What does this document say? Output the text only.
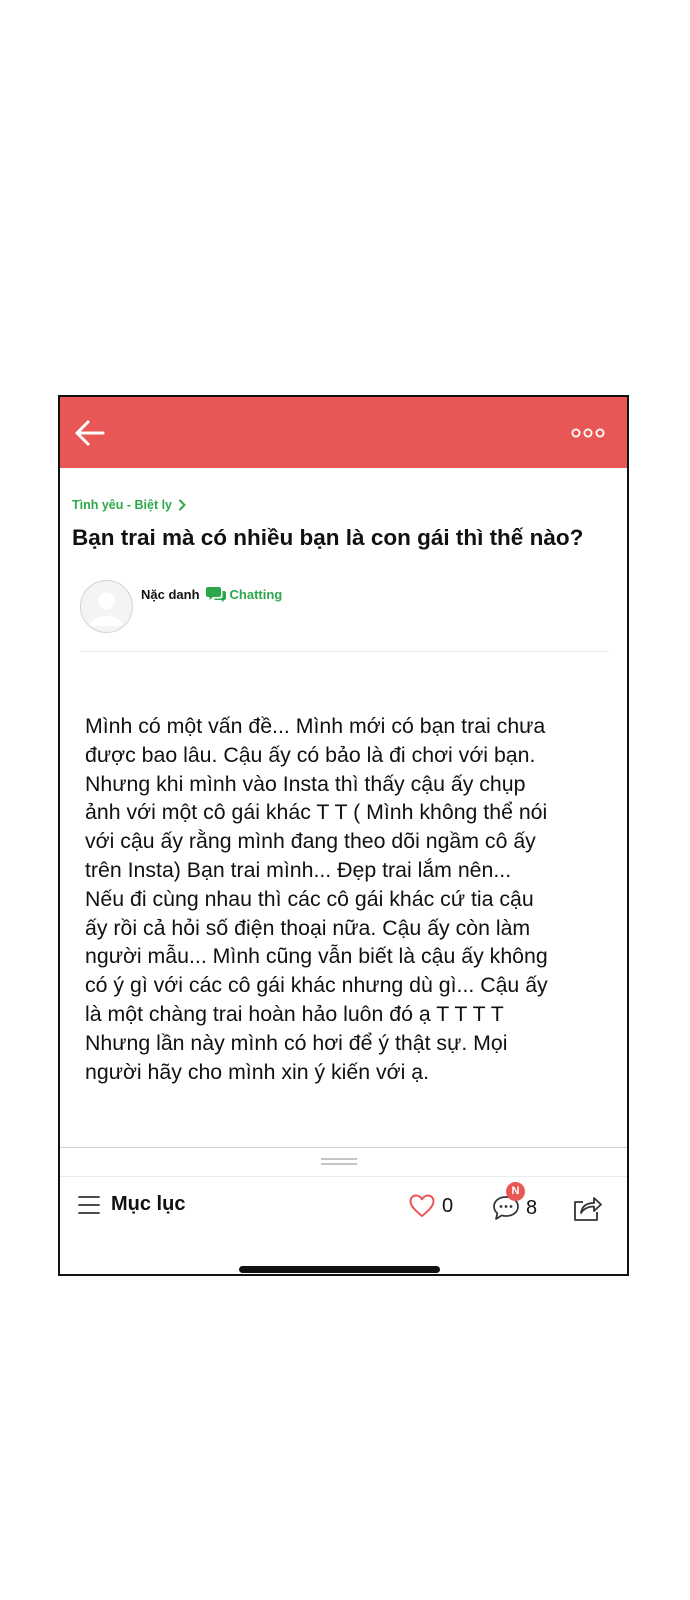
Tình yêu - Biệt ly
Bạn trai mà có nhiều bạn là con gái thì thế nào?
Nặc danh Chatting
Mình có một vấn đề... Mình mới có bạn trai chưa
được bao lâu. Cậu ấy có bảo là đi chơi với bạn.
Nhưng khi mình vào Insta thì thấy cậu ấy chụp
ảnh với một cô gái khác T T ( Mình không thể nói
với cậu ấy rằng mình đang theo dõi ngầm cô ấy
trên Insta) Bạn trai mình... Đẹp trai lắm nên...
Nếu đi cùng nhau thì các cô gái khác cứ tia cậu
ấy rồi cả hỏi số điện thoại nữa. Cậu ấy còn làm
người mẫu... Mình cũng vẫn biết là cậu ấy không
có ý gì với các cô gái khác nhưng dù gì... Cậu ấy
là một chàng trai hoàn hảo luôn đó ạ T T T T
Nhưng lần này mình có hơi để ý thật sự. Mọi
người hãy cho mình xin ý kiến với ạ.
Mục lục	0
N
8
